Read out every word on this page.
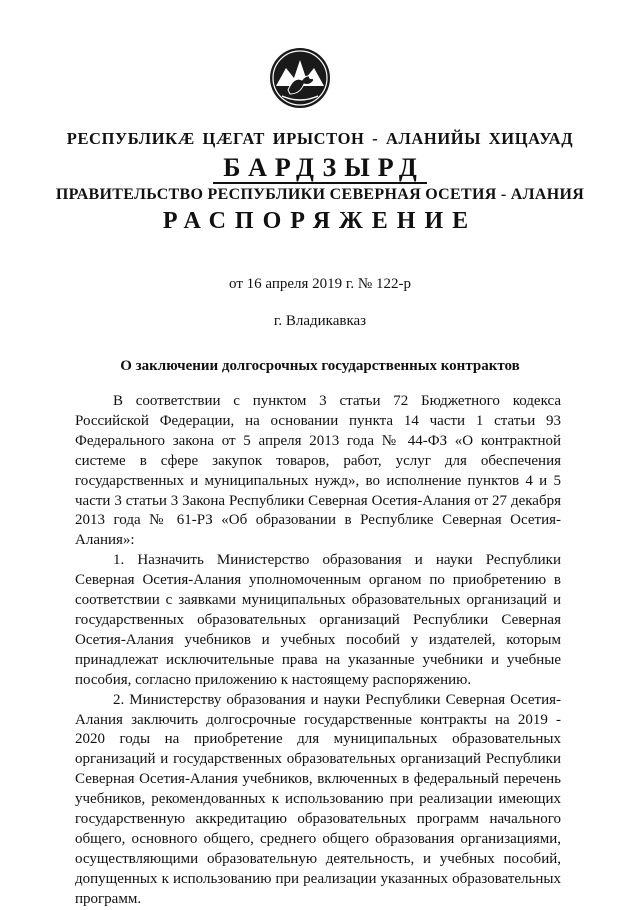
РЕСПУБЛИКӔ ЦӔГАТ ИРЫСТОН - АЛАНИЙЫ ХИЦАУАД
БАРДЗЫРД
ПРАВИТЕЛЬСТВО РЕСПУБЛИКИ СЕВЕРНАЯ ОСЕТИЯ - АЛАНИЯ
РАСПОРЯЖЕНИЕ
от 16 апреля 2019 г. № 122-р
г. Владикавказ
О заключении долгосрочных государственных контрактов

В соответствии с пунктом 3 статьи 72 Бюджетного кодекса Российской Федерации, на основании пункта 14 части 1 статьи 93 Федерального закона от 5 апреля 2013 года № 44-ФЗ «О контрактной системе в сфере закупок товаров, работ, услуг для обеспечения государственных и муниципальных нужд», во исполнение пунктов 4 и 5 части 3 статьи 3 Закона Республики Северная Осетия-Алания от 27 декабря 2013 года № 61-РЗ «Об образовании в Республике Северная Осетия-Алания»:

1. Назначить Министерство образования и науки Республики Северная Осетия-Алания уполномоченным органом по приобретению в соответствии с заявками муниципальных образовательных организаций и государственных образовательных организаций Республики Северная Осетия-Алания учебников и учебных пособий у издателей, которым принадлежат исключительные права на указанные учебники и учебные пособия, согласно приложению к настоящему распоряжению.

2. Министерству образования и науки Республики Северная Осетия-Алания заключить долгосрочные государственные контракты на 2019 - 2020 годы на приобретение для муниципальных образовательных организаций и государственных образовательных организаций Республики Северная Осетия-Алания учебников, включенных в федеральный перечень учебников, рекомендованных к использованию при реализации имеющих государственную аккредитацию образовательных программ начального общего, основного общего, среднего общего образования организациями, осуществляющими образовательную деятельность, и учебных пособий, допущенных к использованию при реализации указанных образовательных программ.
